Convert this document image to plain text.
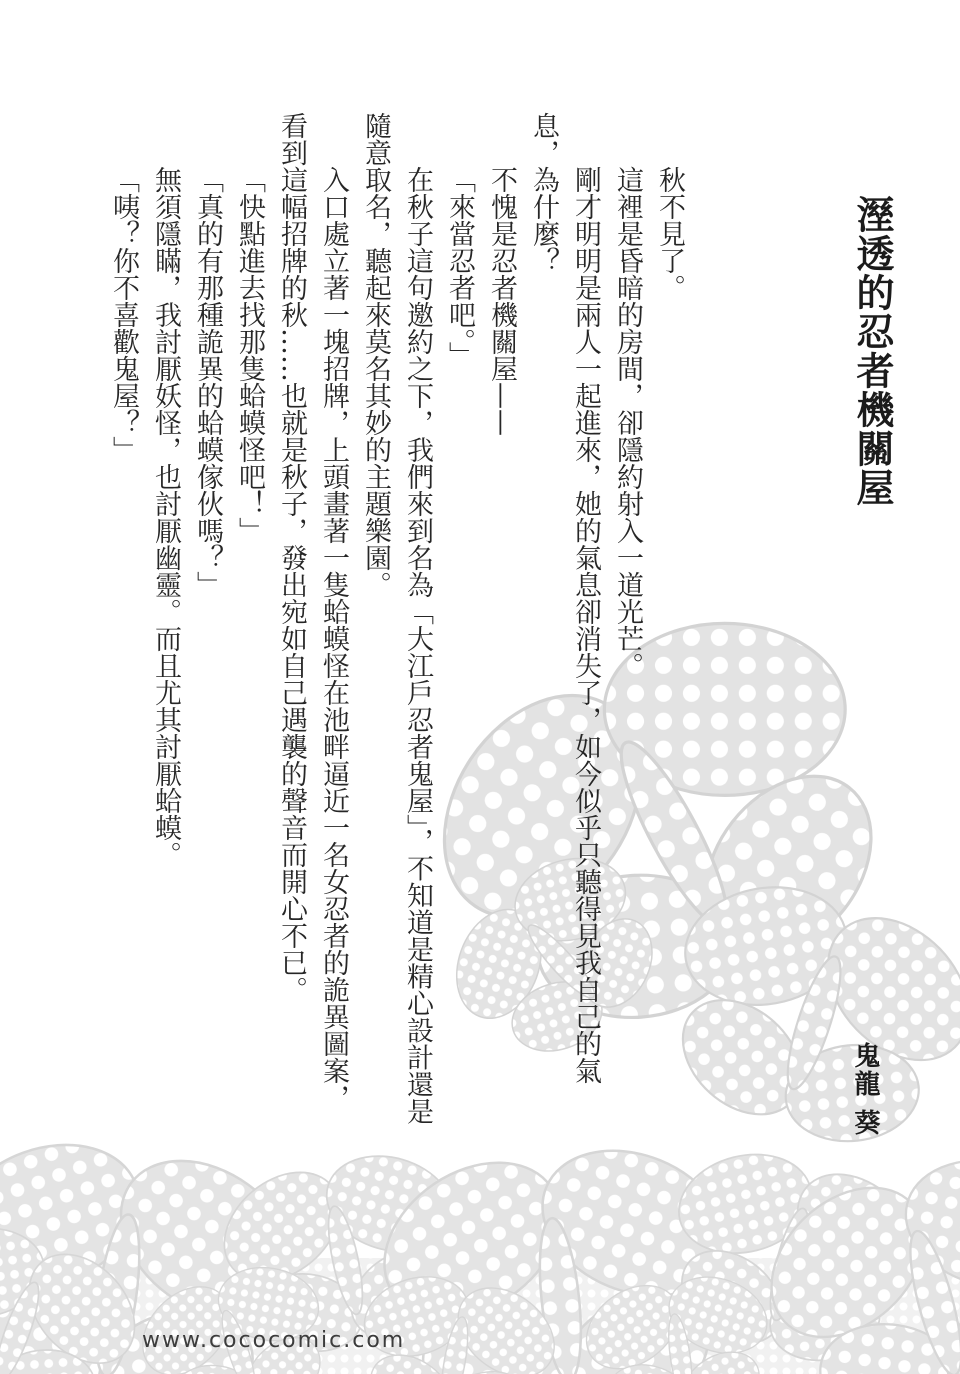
溼透的忍者機關屋
鬼龍 葵

秋不見了。

這裡是昏暗的房間，卻隱約射入一道光芒。

剛才明明是兩人一起進來，她的氣息卻消失了，如今似乎只聽得見我自己的氣息，為什麼？

不愧是忍者機關屋——

「來當忍者吧。」

在秋子這句邀約之下，我們來到名為「大江戶忍者鬼屋」，不知道是精心設計還是隨意取名，聽起來莫名其妙的主題樂園。

入口處立著一塊招牌，上頭畫著一隻蛤蟆怪在池畔逼近一名女忍者的詭異圖案，看到這幅招牌的秋……也就是秋子，發出宛如自己遇襲的聲音而開心不已。

「快點進去找那隻蛤蟆怪吧！」

「真的有那種詭異的蛤蟆傢伙嗎？」

無須隱瞞，我討厭妖怪，也討厭幽靈。而且尤其討厭蛤蟆。

「咦？你不喜歡鬼屋？」

www.cococomic.com
